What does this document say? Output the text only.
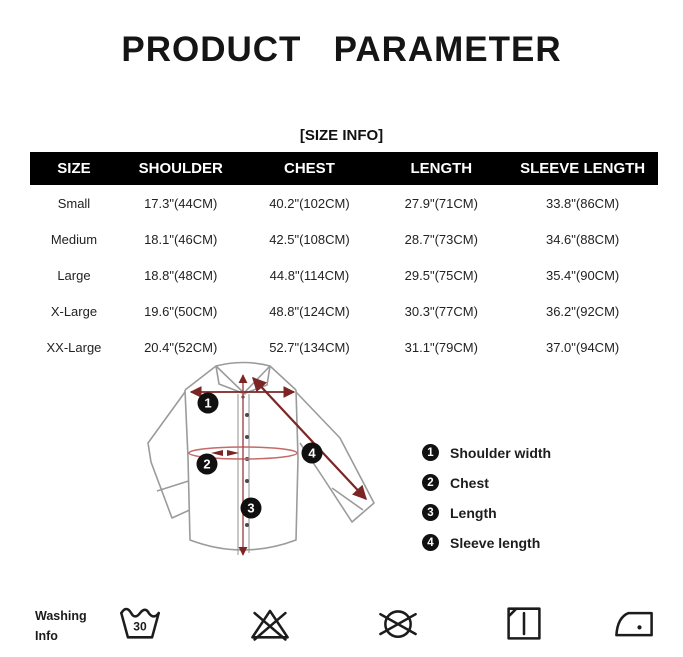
PRODUCT   PARAMETER
[SIZE INFO]
SIZE	SHOULDER	CHEST	LENGTH	SLEEVE LENGTH
Small	17.3"(44CM)	40.2"(102CM)	27.9"(71CM)	33.8"(86CM)
Medium	18.1"(46CM)	42.5"(108CM)	28.7"(73CM)	34.6"(88CM)
Large	18.8"(48CM)	44.8"(114CM)	29.5"(75CM)	35.4"(90CM)
X-Large	19.6"(50CM)	48.8"(124CM)	30.3"(77CM)	36.2"(92CM)
XX-Large	20.4"(52CM)	52.7"(134CM)	31.1"(79CM)	37.0"(94CM)
1
2
3
4	1	Shoulder width
2	Chest
3	Length
4	Sleeve length
Washing
Info
30
